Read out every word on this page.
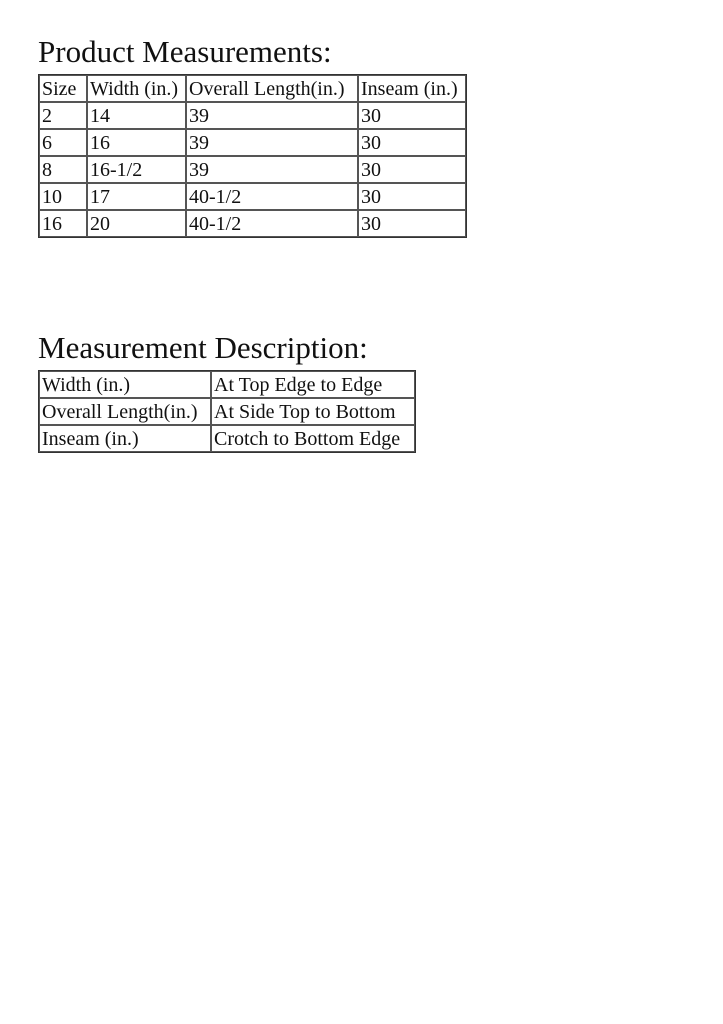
Product Measurements:
Size	Width (in.)	Overall Length(in.)	Inseam (in.)
2	14	39	30
6	16	39	30
8	16-1/2	39	30
10	17	40-1/2	30
16	20	40-1/2	30
Measurement Description:
Width (in.)	At Top Edge to Edge
Overall Length(in.)	At Side Top to Bottom
Inseam (in.)	Crotch to Bottom Edge
